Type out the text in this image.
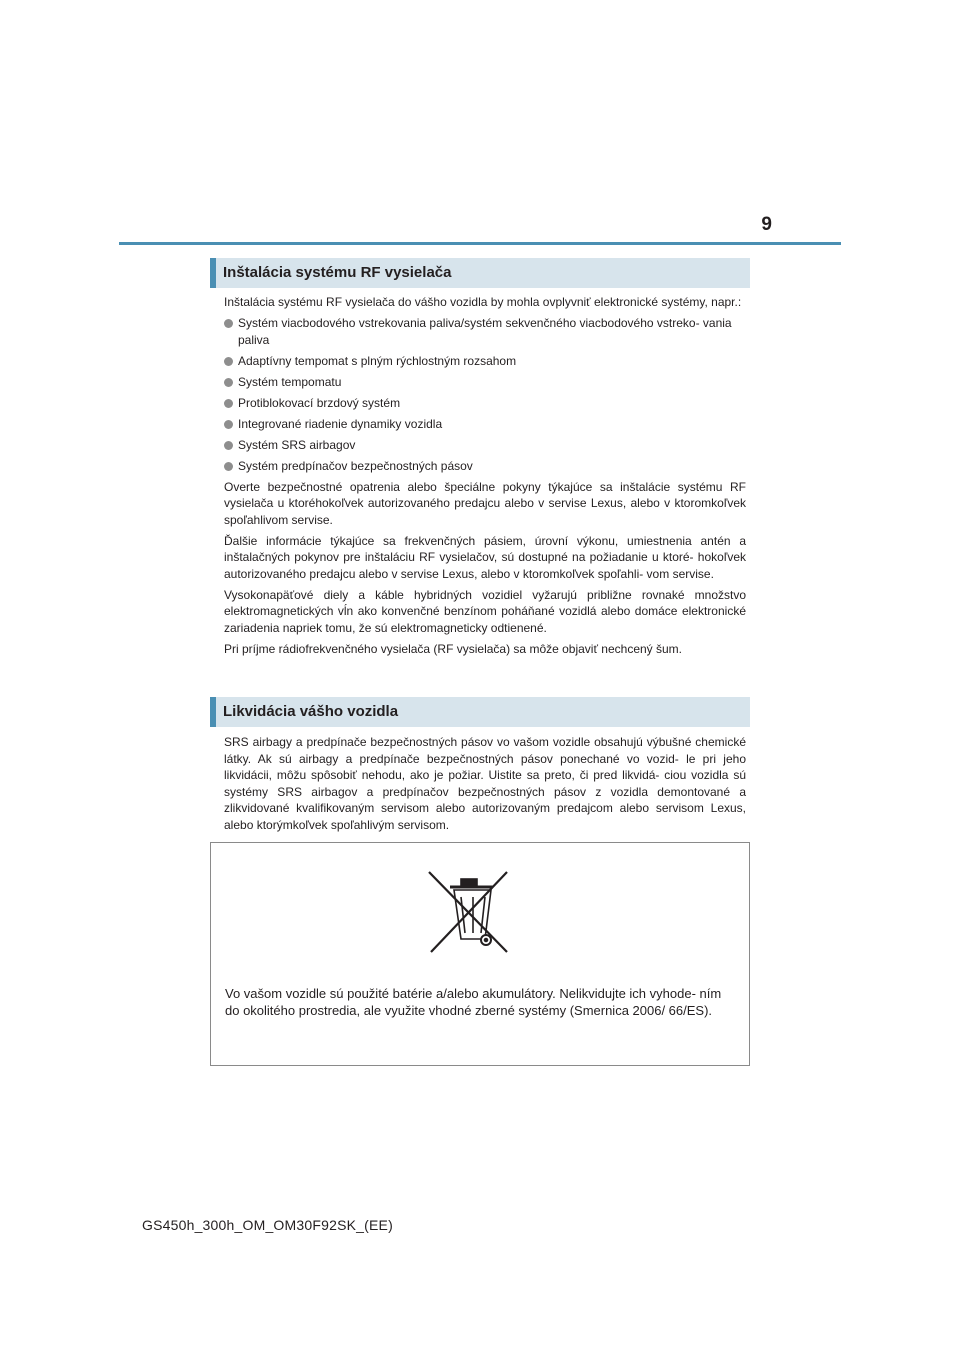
9
Inštalácia systému RF vysielača

Inštalácia systému RF vysielača do vášho vozidla by mohla ovplyvniť elektronické systémy, napr.:

Systém viacbodového vstrekovania paliva/systém sekvenčného viacbodového vstreko- vania paliva
Adaptívny tempomat s plným rýchlostným rozsahom
Systém tempomatu
Protiblokovací brzdový systém
Integrované riadenie dynamiky vozidla
Systém SRS airbagov
Systém predpínačov bezpečnostných pásov

Overte bezpečnostné opatrenia alebo špeciálne pokyny týkajúce sa inštalácie systému RF vysielača u ktoréhokoľvek autorizovaného predajcu alebo v servise Lexus, alebo v ktoromkoľvek spoľahlivom servise.

Ďalšie informácie týkajúce sa frekvenčných pásiem, úrovní výkonu, umiestnenia antén a inštalačných pokynov pre inštaláciu RF vysielačov, sú dostupné na požiadanie u ktoré- hokoľvek autorizovaného predajcu alebo v servise Lexus, alebo v ktoromkoľvek spoľahli- vom servise.

Vysokonapäťové diely a káble hybridných vozidiel vyžarujú približne rovnaké množstvo elektromagnetických vĺn ako konvenčné benzínom poháňané vozidlá alebo domáce elektronické zariadenia napriek tomu, že sú elektromagneticky odtienené.

Pri príjme rádiofrekvenčného vysielača (RF vysielača) sa môže objaviť nechcený šum.

Likvidácia vášho vozidla

SRS airbagy a predpínače bezpečnostných pásov vo vašom vozidle obsahujú výbušné chemické látky. Ak sú airbagy a predpínače bezpečnostných pásov ponechané vo vozid- le pri jeho likvidácii, môžu spôsobiť nehodu, ako je požiar. Uistite sa preto, či pred likvidá- ciou vozidla sú systémy SRS airbagov a predpínačov bezpečnostných pásov z vozidla demontované a zlikvidované kvalifikovaným servisom alebo autorizovaným predajcom alebo servisom Lexus, alebo ktorýmkoľvek spoľahlivým servisom.

Vo vašom vozidle sú použité batérie a/alebo akumulátory. Nelikvidujte ich vyhode- ním do okolitého prostredia, ale využite vhodné zberné systémy (Smernica 2006/ 66/ES).
GS450h_300h_OM_OM30F92SK_(EE)
